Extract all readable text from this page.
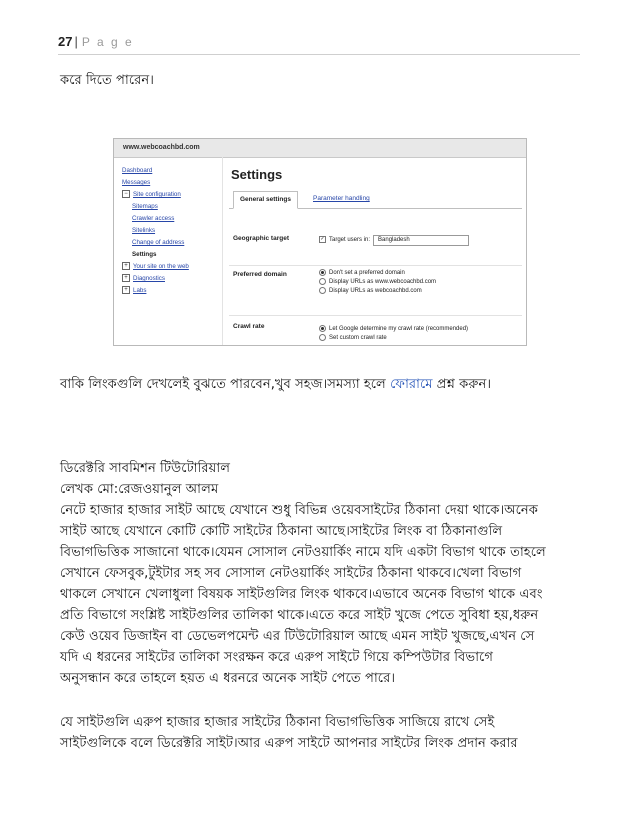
27 | P a g e
করে দিতে পারেন।
www.webcoachbd.com
Dashboard
Messages
− Site configuration
Sitemaps
Crawler access
Sitelinks
Change of address
Settings
+ Your site on the web
+ Diagnostics
+ Labs
Settings
General settings	Parameter handling
Geographic target	✓ Target users in: Bangladesh
Preferred domain	Don't set a preferred domain
Display URLs as www.webcoachbd.com
Display URLs as webcoachbd.com
Crawl rate	Let Google determine my crawl rate (recommended)
Set custom crawl rate
বাকি লিংকগুলি দেখলেই বুঝতে পারবেন,খুব সহজ।সমস্যা হলে ফোরামে প্রশ্ন করুন।
ডিরেক্টরি সাবমিশন টিউটোরিয়াল
লেখক মো:রেজওয়ানুল আলম
নেটে হাজার হাজার সাইট আছে যেখানে শুধু বিভিন্ন ওয়েবসাইটের ঠিকানা দেয়া থাকে।অনেক
সাইট আছে যেখানে কোটি কোটি সাইটের ঠিকানা আছে।সাইটের লিংক বা ঠিকানাগুলি
বিভাগভিত্তিক সাজানো থাকে।যেমন সোসাল নেটওয়ার্কিং নামে যদি একটা বিভাগ থাকে তাহলে
সেখানে ফেসবুক,টুইটার সহ সব সোসাল নেটওয়ার্কিং সাইটের ঠিকানা থাকবে।খেলা বিভাগ
থাকলে সেখানে খেলাধুলা বিষয়ক সাইটগুলির লিংক থাকবে।এভাবে অনেক বিভাগ থাকে এবং
প্রতি বিভাগে সংশ্লিষ্ট সাইটগুলির তালিকা থাকে।এতে করে সাইট খুজে পেতে সুবিধা হয়,ধরুন
কেউ ওয়েব ডিজাইন বা ডেভেলপমেন্ট এর টিউটোরিয়াল আছে এমন সাইট খুজছে,এখন সে
যদি এ ধরনের সাইটের তালিকা সংরক্ষন করে এরুপ সাইটে গিয়ে কম্পিউটার বিভাগে
অনুসন্ধান করে তাহলে হয়ত এ ধরনরে অনেক সাইট পেতে পারে।
যে সাইটগুলি এরুপ হাজার হাজার সাইটের ঠিকানা বিভাগভিত্তিক সাজিয়ে রাখে সেই
সাইটগুলিকে বলে ডিরেক্টরি সাইট।আর এরুপ সাইটে আপনার সাইটের লিংক প্রদান করার
